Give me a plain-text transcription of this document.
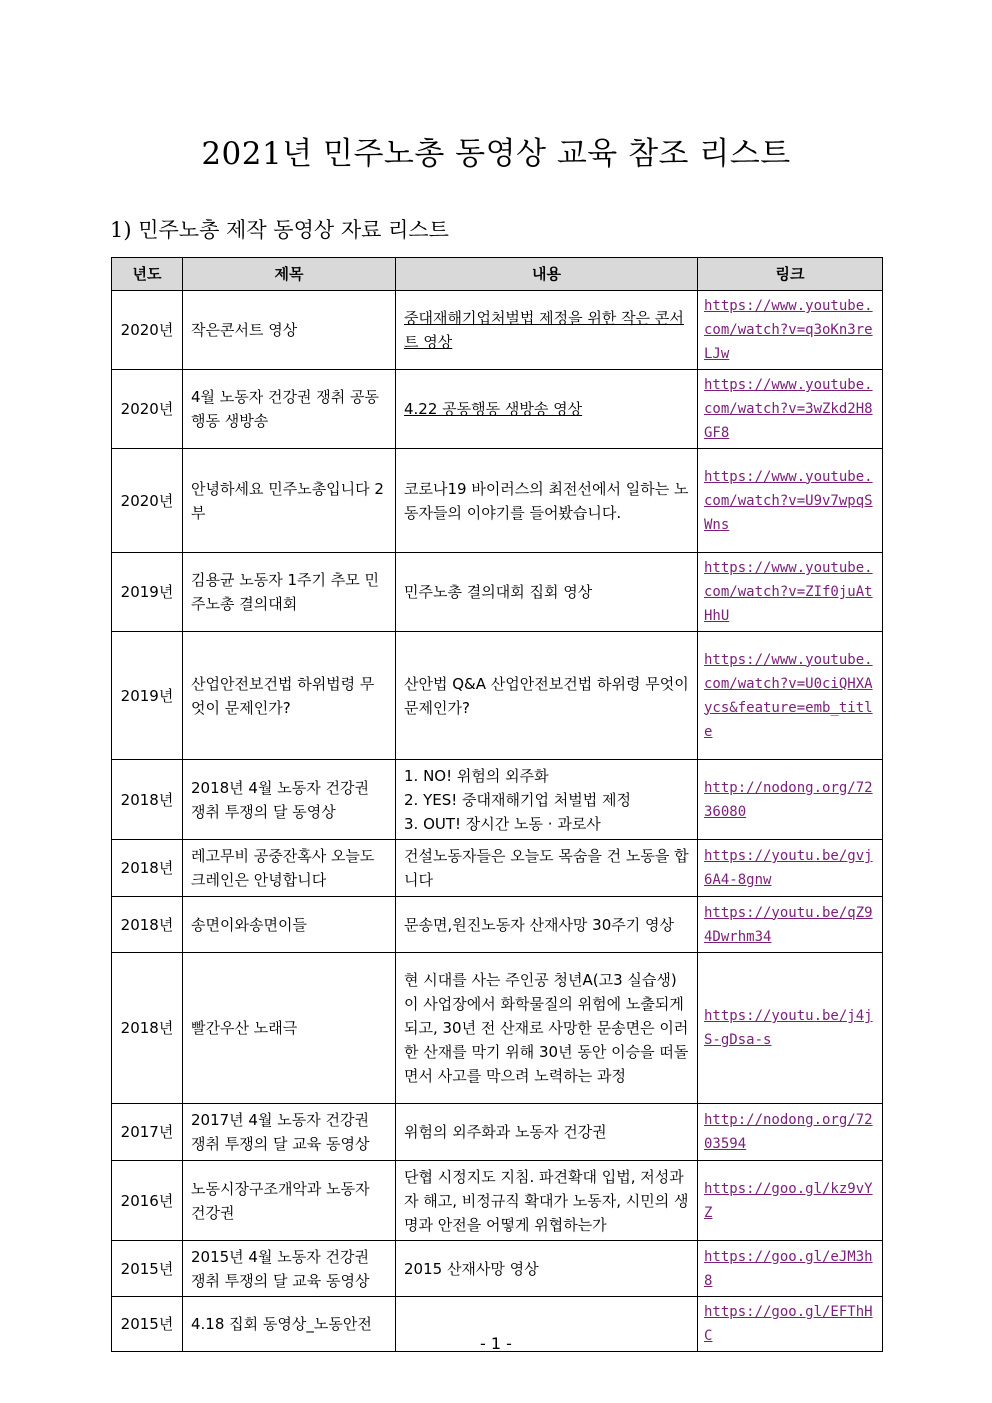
2021년 민주노총 동영상 교육 참조 리스트
1) 민주노총 제작 동영상 자료 리스트
년도	제목	내용	링크
2020년	작은콘서트 영상	중대재해기업처벌법 제정을 위한 작은 콘서트 영상	https://www.youtube.com/watch?v=q3oKn3reLJw
2020년	4월 노동자 건강권 쟁취 공동행동 생방송	4.22 공동행동 생방송 영상	https://www.youtube.com/watch?v=3wZkd2H8GF8
2020년	안녕하세요 민주노총입니다 2부	코로나19 바이러스의 최전선에서 일하는 노동자들의 이야기를 들어봤습니다.	https://www.youtube.com/watch?v=U9v7wpqSWns
2019년	김용균 노동자 1주기 추모 민주노총 결의대회	민주노총 결의대회 집회 영상	https://www.youtube.com/watch?v=ZIf0juAtHhU
2019년	산업안전보건법 하위법령 무엇이 문제인가?	산안법 Q&A 산업안전보건법 하위령 무엇이 문제인가?	https://www.youtube.com/watch?v=U0ciQHXAycs&feature=emb_title
2018년	2018년 4월 노동자 건강권 쟁취 투쟁의 달 동영상	1. NO! 위험의 외주화
2. YES! 중대재해기업 처벌법 제정
3. OUT! 장시간 노동 · 과로사	http://nodong.org/7236080
2018년	레고무비 공중잔혹사 오늘도 크레인은 안녕합니다	건설노동자들은 오늘도 목숨을 건 노동을 합니다	https://youtu.be/gvj6A4-8gnw
2018년	송면이와송면이들	문송면,원진노동자 산재사망 30주기 영상	https://youtu.be/qZ94Dwrhm34
2018년	빨간우산 노래극	현 시대를 사는 주인공 청년A(고3 실습생)이 사업장에서 화학물질의 위험에 노출되게 되고, 30년 전 산재로 사망한 문송면은 이러한 산재를 막기 위해 30년 동안 이승을 떠돌면서 사고를 막으려 노력하는 과정	https://youtu.be/j4jS-gDsa-s
2017년	2017년 4월 노동자 건강권 쟁취 투쟁의 달 교육 동영상	위험의 외주화과 노동자 건강권	http://nodong.org/7203594
2016년	노동시장구조개악과 노동자 건강권	단협 시정지도 지침. 파견확대 입법, 저성과자 해고, 비정규직 확대가 노동자, 시민의 생명과 안전을 어떻게 위협하는가	https://goo.gl/kz9vYZ
2015년	2015년 4월 노동자 건강권 쟁취 투쟁의 달 교육 동영상	2015 산재사망 영상	https://goo.gl/eJM3h8
2015년	4.18 집회 동영상_노동안전		https://goo.gl/EFThHC
- 1 -
